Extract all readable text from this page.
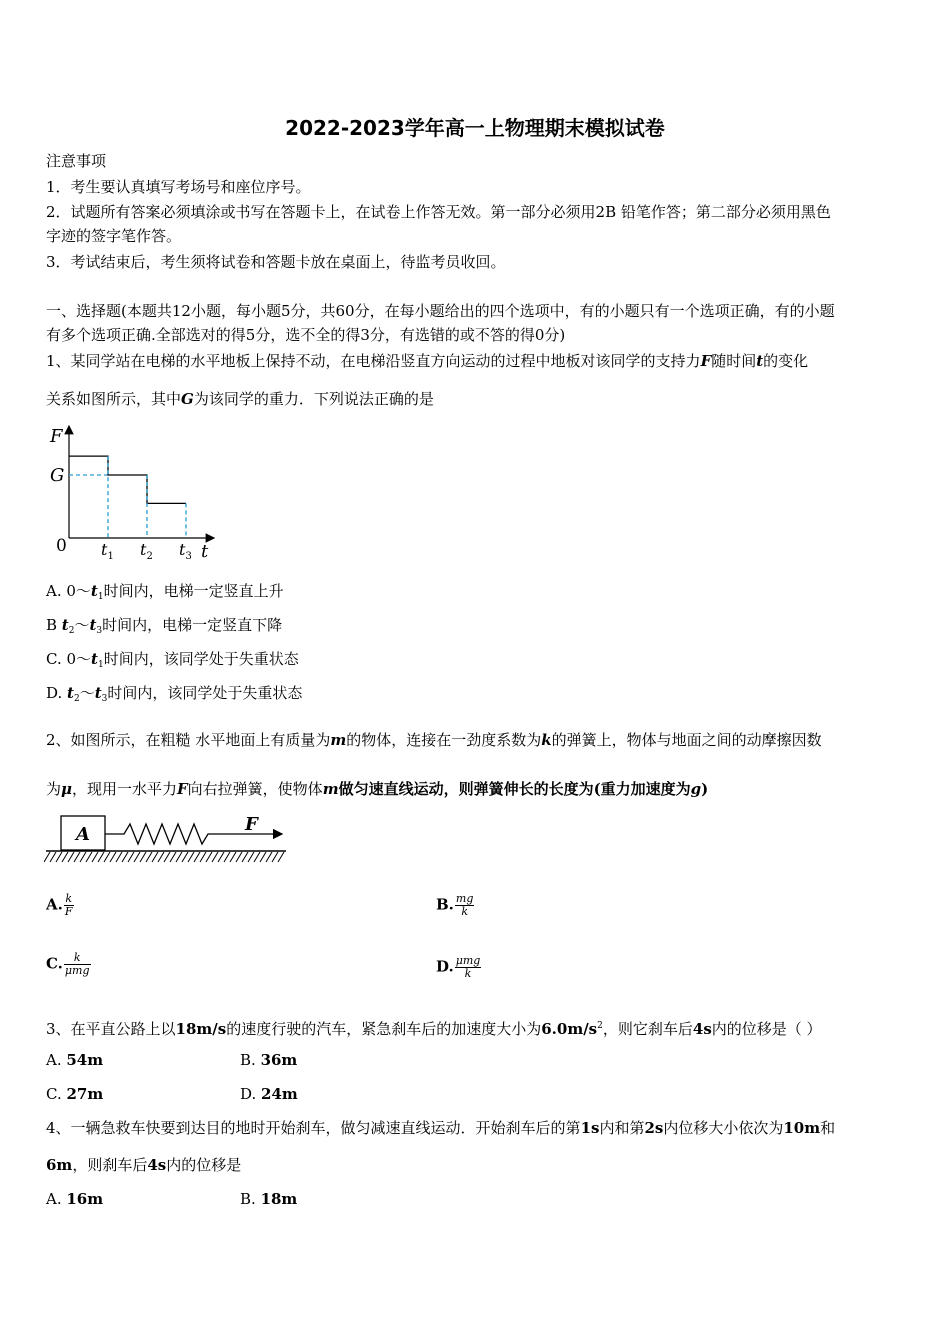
2022-2023学年高一上物理期末模拟试卷
注意事项
1．考生要认真填写考场号和座位序号。
2．试题所有答案必须填涂或书写在答题卡上，在试卷上作答无效。第一部分必须用2B 铅笔作答；第二部分必须用黑色
字迹的签字笔作答。
3．考试结束后，考生须将试卷和答题卡放在桌面上，待监考员收回。
一、选择题(本题共12小题，每小题5分，共60分，在每小题给出的四个选项中，有的小题只有一个选项正确，有的小题
有多个选项正确.全部选对的得5分，选不全的得3分，有选错的或不答的得0分)
1、某同学站在电梯的水平地板上保持不动，在电梯沿竖直方向运动的过程中地板对该同学的支持力F随时间t的变化
关系如图所示，其中G为该同学的重力．下列说法正确的是
F
t
0
G
$t_1$ $t_2$ $t_3$
A. $0\sim t_1$时间内，电梯一定竖直上升
B $t_2\sim t_3$时间内，电梯一定竖直下降
C. $0\sim t_1$时间内，该同学处于失重状态
D. $t_2\sim t_3$时间内，该同学处于失重状态
2、如图所示，在粗糙 水平地面上有质量为m的物体，连接在一劲度系数为k的弹簧上，物体与地面之间的动摩擦因数
为μ，现用一水平力F向右拉弹簧，使物体m做匀速直线运动，则弹簧伸长的长度为(重力加速度为g)
A	F
A. $\frac{k}{F}$	B. $\frac{mg}{k}$
C. $\frac{k}{\text{μmg}}$	D. $\frac{\text{μmg}}{k}$
3、在平直公路上以18m/s的速度行驶的汽车，紧急刹车后的加速度大小为$6.0m/s^2$，则它刹车后4s内的位移是（ ）
A. 54m	B. 36m
C. 27m	D. 24m
4、一辆急救车快要到达目的地时开始刹车，做匀减速直线运动．开始刹车后的第1s内和第2s内位移大小依次为10m和
6m，则刹车后4s内的位移是
A. 16m	B. 18m
